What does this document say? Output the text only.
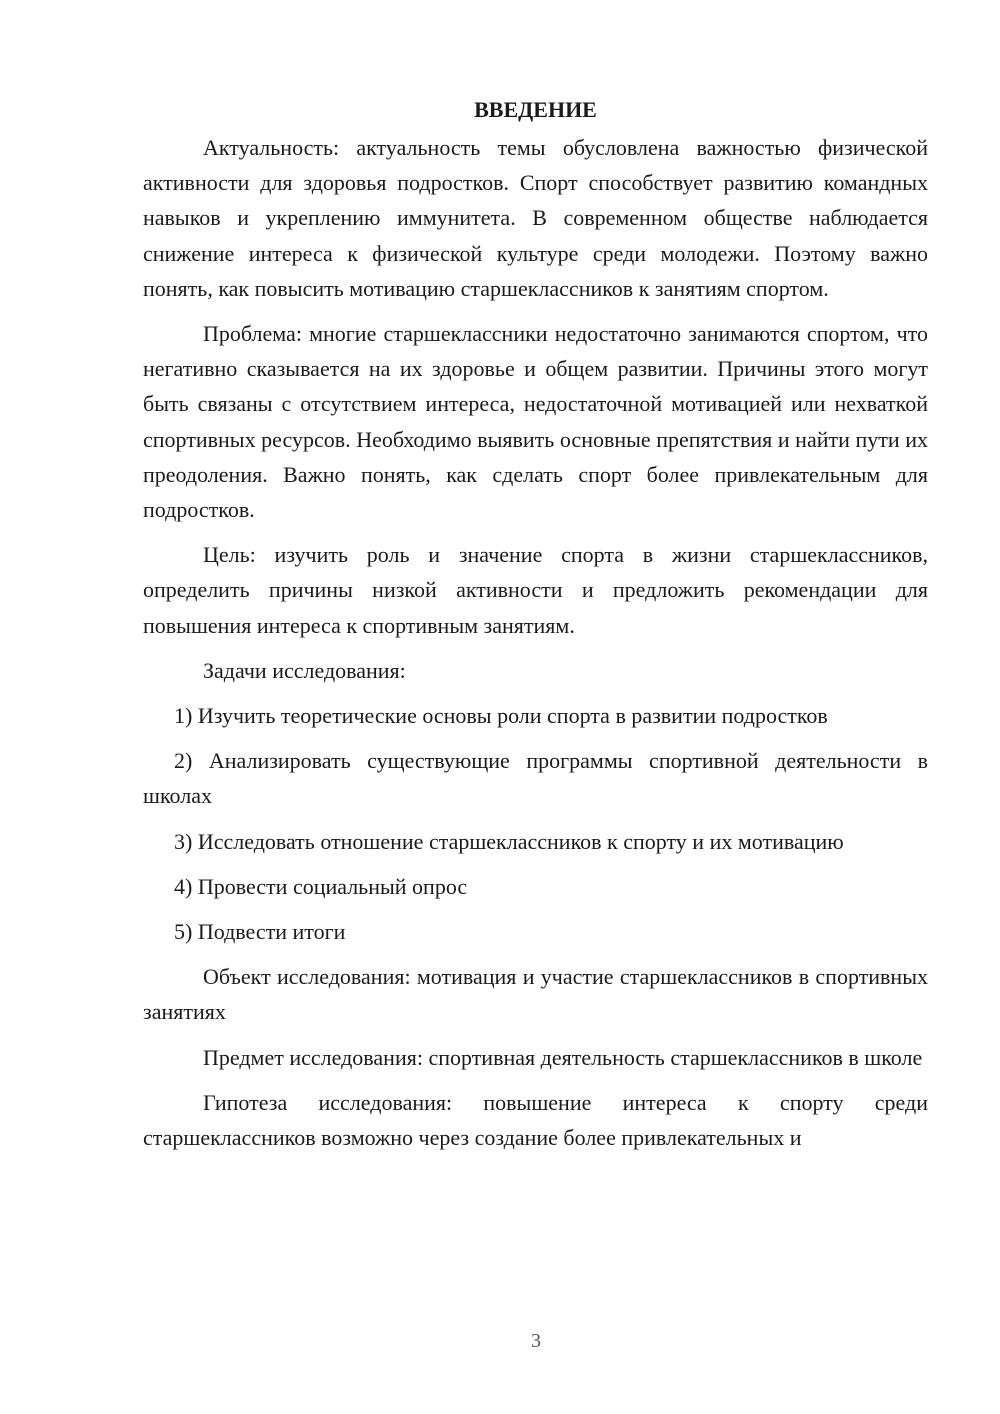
ВВЕДЕНИЕ

Актуальность: актуальность темы обусловлена важностью физической активности для здоровья подростков. Спорт способствует развитию командных навыков и укреплению иммунитета. В современном обществе наблюдается снижение интереса к физической культуре среди молодежи. Поэтому важно понять, как повысить мотивацию старшеклассников к занятиям спортом.

Проблема: многие старшеклассники недостаточно занимаются спортом, что негативно сказывается на их здоровье и общем развитии. Причины этого могут быть связаны с отсутствием интереса, недостаточной мотивацией или нехваткой спортивных ресурсов. Необходимо выявить основные препятствия и найти пути их преодоления. Важно понять, как сделать спорт более привлекательным для подростков.

Цель: изучить роль и значение спорта в жизни старшеклассников, определить причины низкой активности и предложить рекомендации для повышения интереса к спортивным занятиям.

Задачи исследования:

1) Изучить теоретические основы роли спорта в развитии подростков

2) Анализировать существующие программы спортивной деятельности в школах

3) Исследовать отношение старшеклассников к спорту и их мотивацию

4) Провести социальный опрос

5) Подвести итоги

Объект исследования: мотивация и участие старшеклассников в спортивных занятиях

Предмет исследования: спортивная деятельность старшеклассников в школе

Гипотеза исследования: повышение интереса к спорту среди старшеклассников возможно через создание более привлекательных и

3
